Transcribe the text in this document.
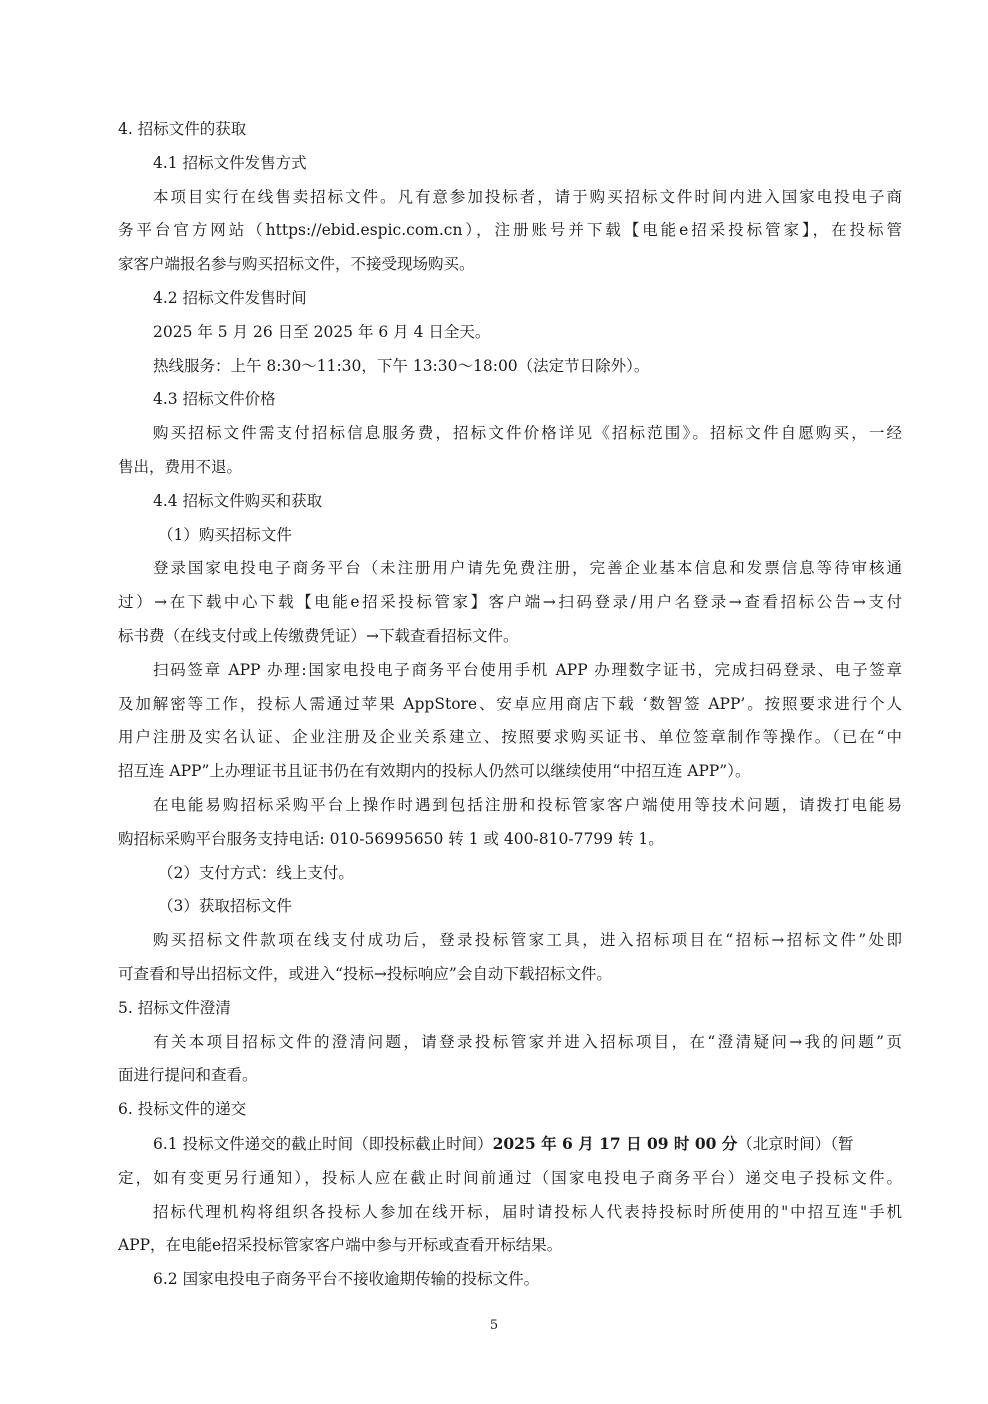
4. 招标文件的获取

4.1 招标文件发售方式

本项目实行在线售卖招标文件。凡有意参加投标者，请于购买招标文件时间内进入国家电投电子商

务平台官方网站（https://ebid.espic.com.cn），注册账号并下载【电能e招采投标管家】，在投标管

家客户端报名参与购买招标文件，不接受现场购买。

4.2 招标文件发售时间

2025 年 5 月 26 日至 2025 年 6 月 4 日全天。

热线服务：上午 8:30～11:30，下午 13:30～18:00（法定节日除外）。

4.3 招标文件价格

购买招标文件需支付招标信息服务费，招标文件价格详见《招标范围》。招标文件自愿购买，一经

售出，费用不退。

4.4 招标文件购买和获取

（1）购买招标文件

登录国家电投电子商务平台（未注册用户请先免费注册，完善企业基本信息和发票信息等待审核通

过）→在下载中心下载【电能e招采投标管家】客户端→扫码登录/用户名登录→查看招标公告→支付

标书费（在线支付或上传缴费凭证）→下载查看招标文件。

扫码签章 APP 办理:国家电投电子商务平台使用手机 APP 办理数字证书，完成扫码登录、电子签章

及加解密等工作，投标人需通过苹果 AppStore、安卓应用商店下载 ‘数智签 APP’。按照要求进行个人

用户注册及实名认证、企业注册及企业关系建立、按照要求购买证书、单位签章制作等操作。（已在“中

招互连 APP”上办理证书且证书仍在有效期内的投标人仍然可以继续使用“中招互连 APP”）。

在电能易购招标采购平台上操作时遇到包括注册和投标管家客户端使用等技术问题，请拨打电能易

购招标采购平台服务支持电话: 010-56995650 转 1 或 400-810-7799 转 1。

（2）支付方式：线上支付。

（3）获取招标文件

购买招标文件款项在线支付成功后，登录投标管家工具，进入招标项目在“招标→招标文件”处即

可查看和导出招标文件，或进入“投标→投标响应”会自动下载招标文件。

5. 招标文件澄清

有关本项目招标文件的澄清问题，请登录投标管家并进入招标项目，在“澄清疑问→我的问题”页

面进行提问和查看。

6. 投标文件的递交

6.1 投标文件递交的截止时间（即投标截止时间）2025 年 6 月 17 日 09 时 00 分（北京时间）（暂

定，如有变更另行通知），投标人应在截止时间前通过（国家电投电子商务平台）递交电子投标文件。

招标代理机构将组织各投标人参加在线开标，届时请投标人代表持投标时所使用的"中招互连"手机

APP，在电能e招采投标管家客户端中参与开标或查看开标结果。

6.2 国家电投电子商务平台不接收逾期传输的投标文件。

5
